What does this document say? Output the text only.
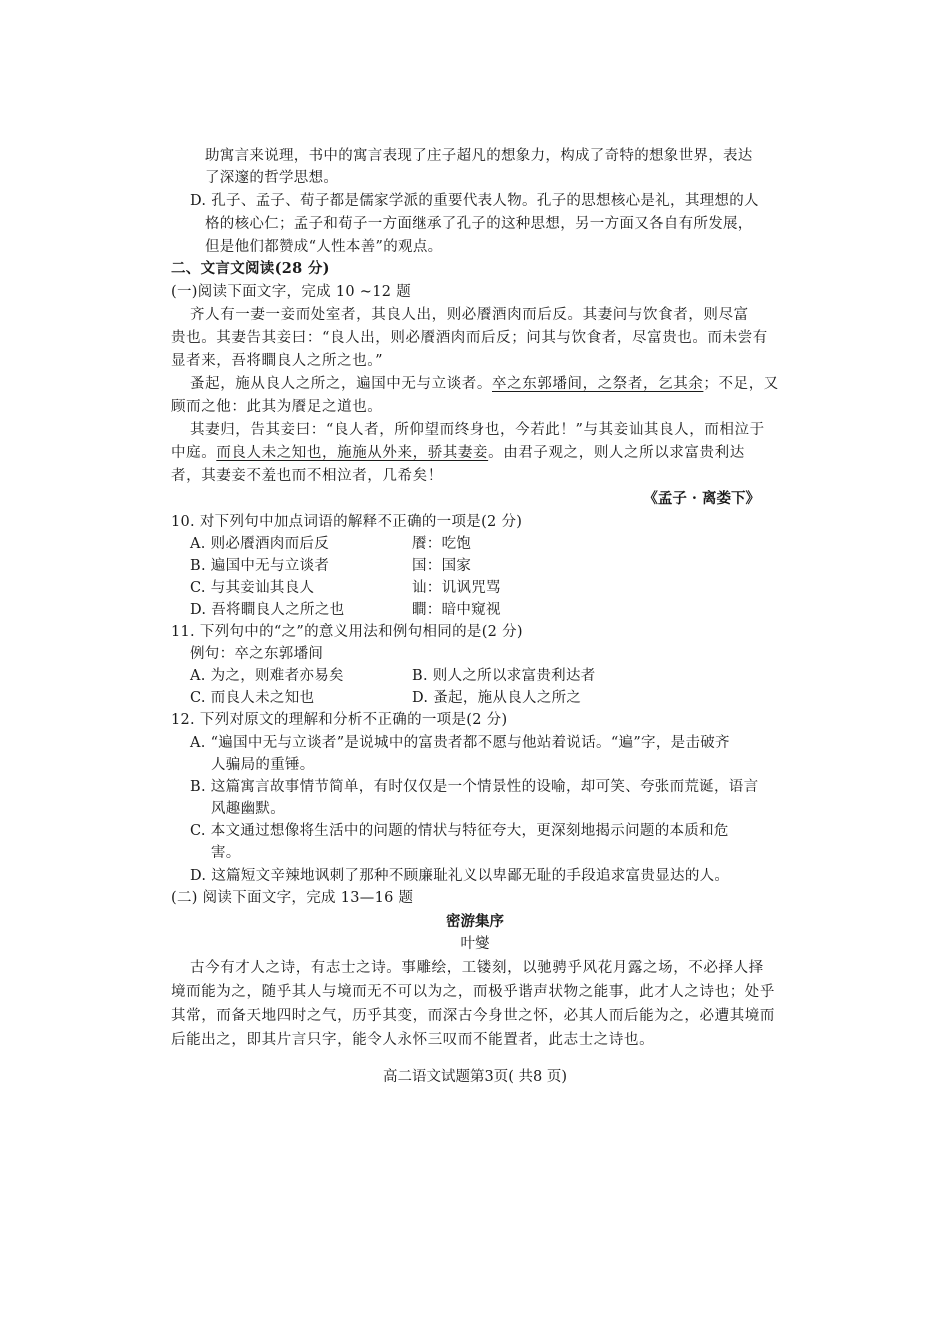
助寓言来说理，书中的寓言表现了庄子超凡的想象力，构成了奇特的想象世界，表达
了深邃的哲学思想。
D. 孔子、孟子、荀子都是儒家学派的重要代表人物。孔子的思想核心是礼，其理想的人
格的核心仁；孟子和荀子一方面继承了孔子的这种思想，另一方面又各自有所发展，
但是他们都赞成“人性本善”的观点。
二、文言文阅读(28 分)
(一)阅读下面文字，完成 10 ~12 题
齐人有一妻一妾而处室者，其良人出，则必餍酒肉而后反。其妻问与饮食者，则尽富
贵也。其妻告其妾曰：“良人出，则必餍酒肉而后反；问其与饮食者，尽富贵也。而未尝有
显者来，吾将瞷良人之所之也。”
蚤起，施从良人之所之，遍国中无与立谈者。卒之东郭墦间，之祭者，乞其余；不足，又
顾而之他：此其为餍足之道也。
其妻归，告其妾曰：“良人者，所仰望而终身也，今若此！”与其妾讪其良人，而相泣于
中庭。而良人未之知也，施施从外来，骄其妻妾。由君子观之，则人之所以求富贵利达
者，其妻妾不羞也而不相泣者，几希矣！
《孟子 · 离娄下》
10. 对下列句中加点词语的解释不正确的一项是(2 分)
A. 则必餍酒肉而后反	餍：吃饱
B. 遍国中无与立谈者	国：国家
C. 与其妾讪其良人	讪：讥讽咒骂
D. 吾将瞷良人之所之也	瞷：暗中窥视
11. 下列句中的“之”的意义用法和例句相同的是(2 分)
例句：卒之东郭墦间
A. 为之，则难者亦易矣	B. 则人之所以求富贵利达者
C. 而良人未之知也	D. 蚤起，施从良人之所之
12. 下列对原文的理解和分析不正确的一项是(2 分)
A. “遍国中无与立谈者”是说城中的富贵者都不愿与他站着说话。“遍”字，是击破齐
人骗局的重锤。
B. 这篇寓言故事情节简单，有时仅仅是一个情景性的设喻，却可笑、夸张而荒诞，语言
风趣幽默。
C. 本文通过想像将生活中的问题的情状与特征夸大，更深刻地揭示问题的本质和危
害。
D. 这篇短文辛辣地讽刺了那种不顾廉耻礼义以卑鄙无耻的手段追求富贵显达的人。
(二) 阅读下面文字，完成 13—16 题
密游集序
叶燮
古今有才人之诗，有志士之诗。事雕绘，工镂刻，以驰骋乎风花月露之场，不必择人择
境而能为之，随乎其人与境而无不可以为之，而极乎谐声状物之能事，此才人之诗也；处乎
其常，而备天地四时之气，历乎其变，而深古今身世之怀，必其人而后能为之，必遭其境而
后能出之，即其片言只字，能令人永怀三叹而不能置者，此志士之诗也。
高二语文试题第3页( 共8 页)
